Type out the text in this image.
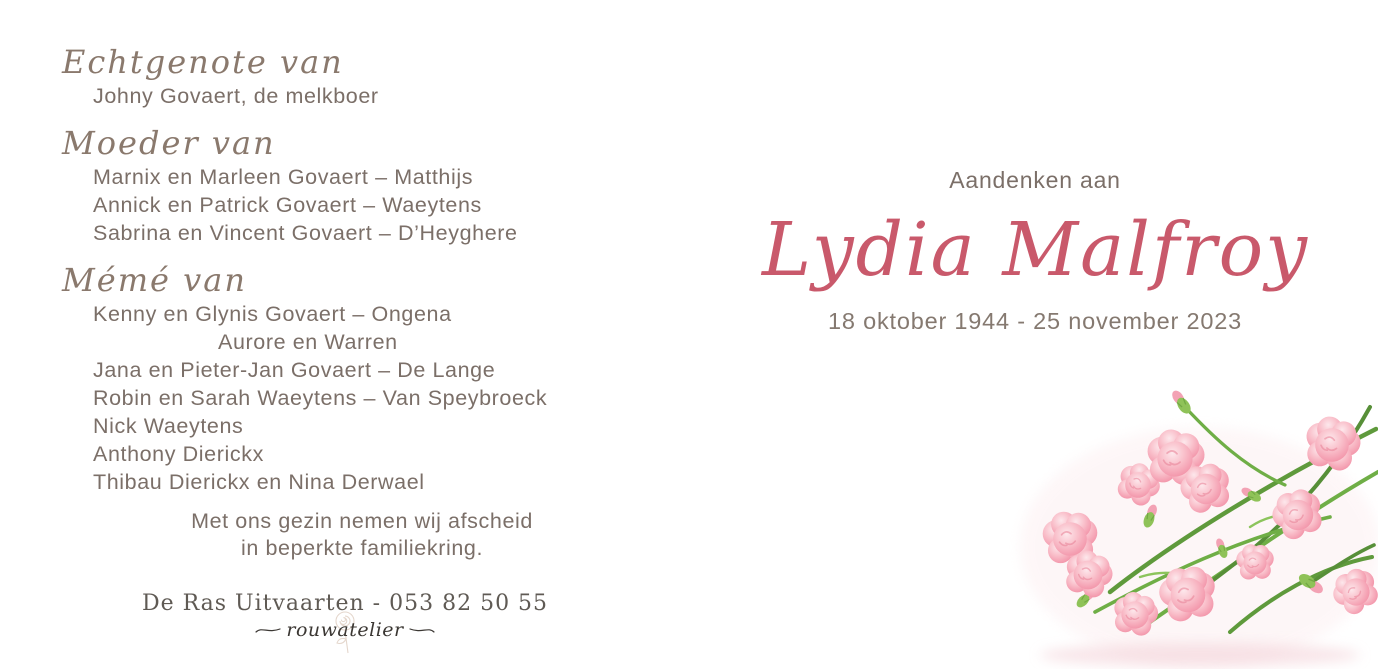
Echtgenote van
Johny Govaert, de melkboer
Moeder van
Marnix en Marleen Govaert – Matthijs
Annick en Patrick Govaert – Waeytens
Sabrina en Vincent Govaert – D’Heyghere
Mémé van
Kenny en Glynis Govaert – Ongena
Aurore en Warren
Jana en Pieter-Jan Govaert – De Lange
Robin en Sarah Waeytens – Van Speybroeck
Nick Waeytens
Anthony Dierickx
Thibau Dierickx en Nina Derwael
Met ons gezin nemen wij afscheid
in beperkte familiekring.
De Ras Uitvaarten - 053 82 50 55
rouwatelier
Aandenken aan
Lydia Malfroy
18 oktober 1944 - 25 november 2023
